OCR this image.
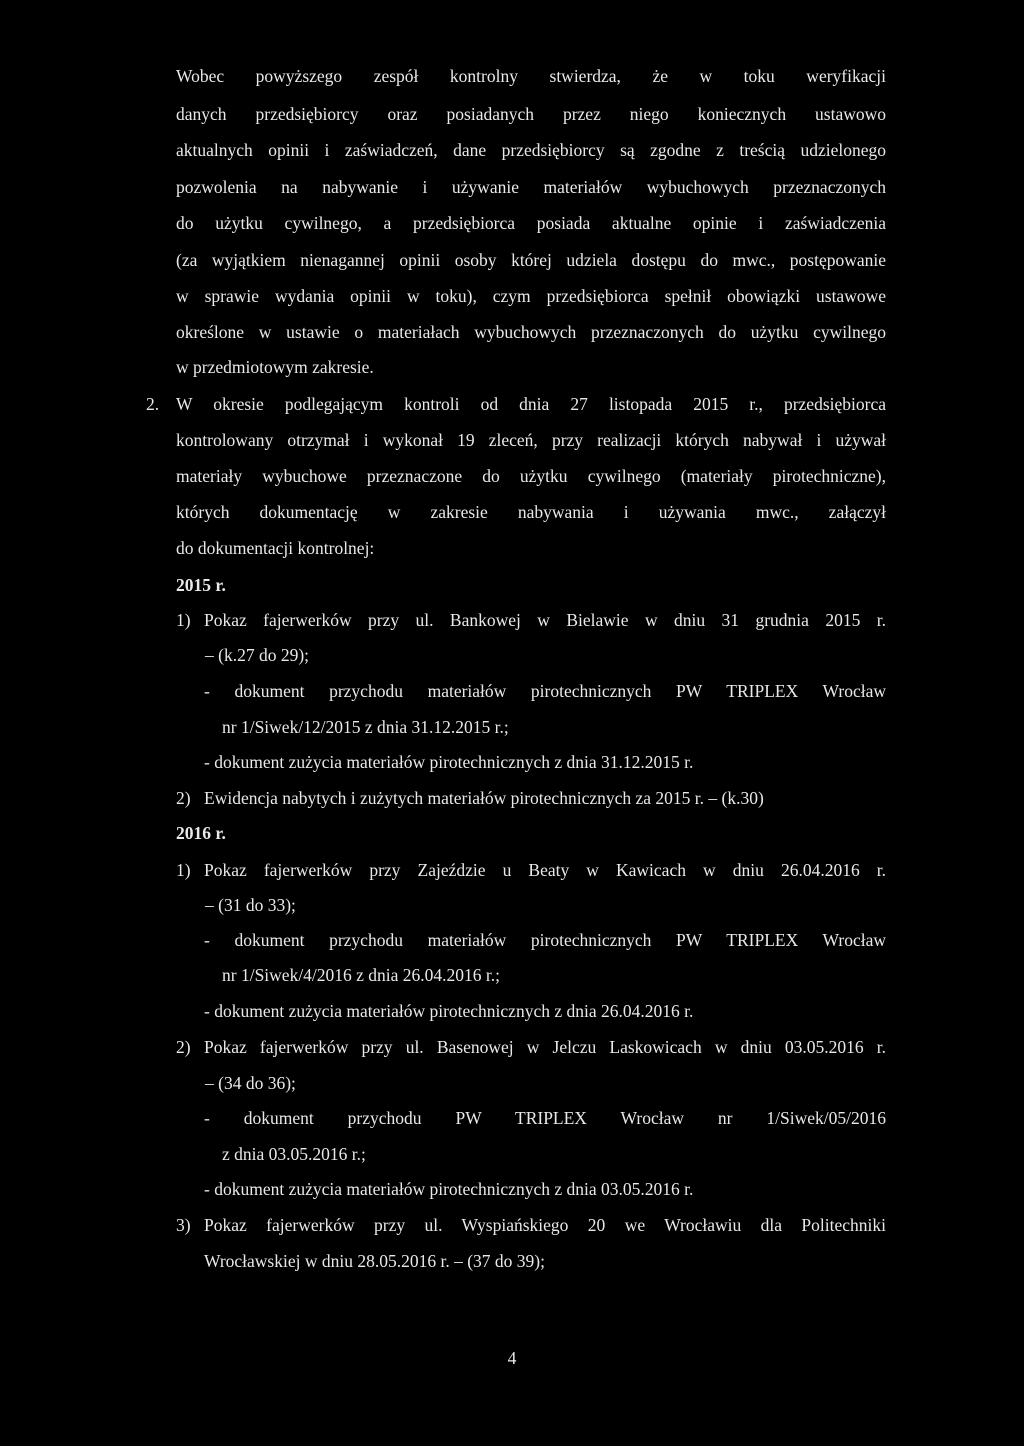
Wobec powyższego zespół kontrolny stwierdza, że w toku weryfikacji
danych przedsiębiorcy oraz posiadanych przez niego koniecznych ustawowo
aktualnych opinii i zaświadczeń, dane przedsiębiorcy są zgodne z treścią udzielonego
pozwolenia na nabywanie i używanie materiałów wybuchowych przeznaczonych
do użytku cywilnego, a przedsiębiorca posiada aktualne opinie i zaświadczenia
(za wyjątkiem nienagannej opinii osoby której udziela dostępu do mwc., postępowanie
w sprawie wydania opinii w toku), czym przedsiębiorca spełnił obowiązki ustawowe
określone w ustawie o materiałach wybuchowych przeznaczonych do użytku cywilnego
w przedmiotowym zakresie.
2. W okresie podlegającym kontroli od dnia 27 listopada 2015 r., przedsiębiorca
kontrolowany otrzymał i wykonał 19 zleceń, przy realizacji których nabywał i używał
materiały wybuchowe przeznaczone do użytku cywilnego (materiały pirotechniczne),
których dokumentację w zakresie nabywania i używania mwc., załączył
do dokumentacji kontrolnej:
2015 r.
1) Pokaz fajerwerków przy ul. Bankowej w Bielawie w dniu 31 grudnia 2015 r.
– (k.27 do 29);
- dokument przychodu materiałów pirotechnicznych PW TRIPLEX Wrocław
nr 1/Siwek/12/2015 z dnia 31.12.2015 r.;
- dokument zużycia materiałów pirotechnicznych z dnia 31.12.2015 r.
2) Ewidencja nabytych i zużytych materiałów pirotechnicznych za 2015 r. – (k.30)
2016 r.
1) Pokaz fajerwerków przy Zajeździe u Beaty w Kawicach w dniu 26.04.2016 r.
– (31 do 33);
- dokument przychodu materiałów pirotechnicznych PW TRIPLEX Wrocław
nr 1/Siwek/4/2016 z dnia 26.04.2016 r.;
- dokument zużycia materiałów pirotechnicznych z dnia 26.04.2016 r.
2) Pokaz fajerwerków przy ul. Basenowej w Jelczu Laskowicach w dniu 03.05.2016 r.
– (34 do 36);
- dokument przychodu PW TRIPLEX Wrocław nr 1/Siwek/05/2016
z dnia 03.05.2016 r.;
- dokument zużycia materiałów pirotechnicznych z dnia 03.05.2016 r.
3) Pokaz fajerwerków przy ul. Wyspiańskiego 20 we Wrocławiu dla Politechniki
Wrocławskiej w dniu 28.05.2016 r. – (37 do 39);
4
